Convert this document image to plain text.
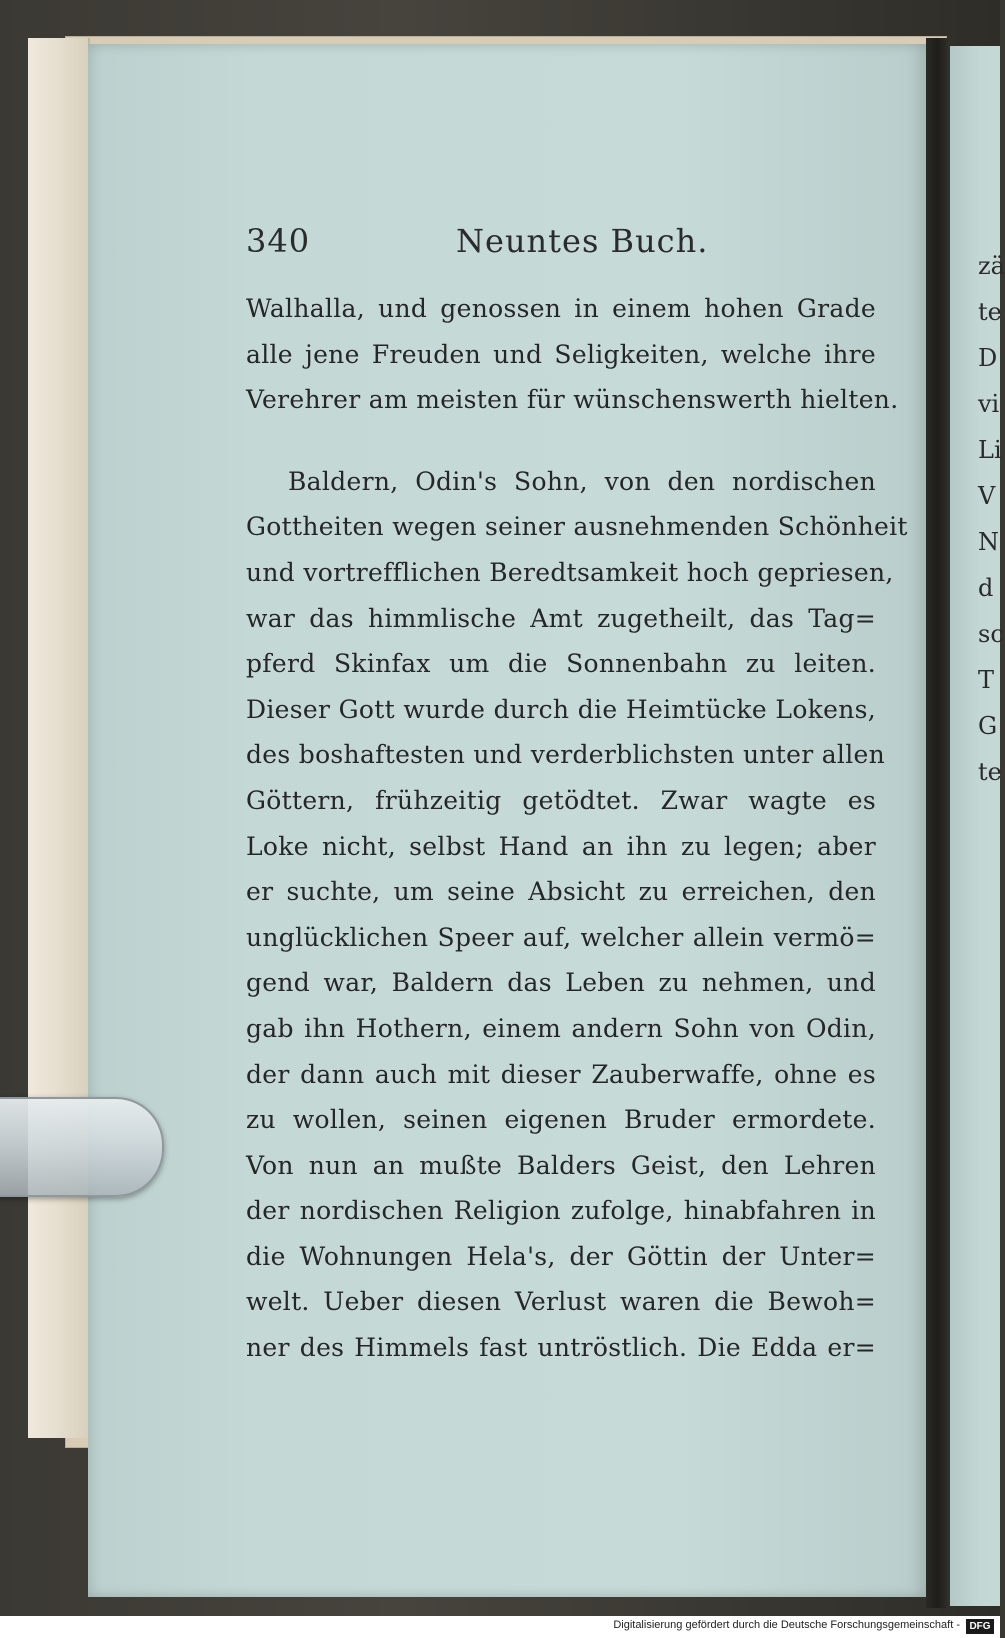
340	Neuntes Buch.
Walhalla, und genossen in einem hohen Grade
alle jene Freuden und Seligkeiten, welche ihre
Verehrer am meisten für wünschenswerth hielten.
Baldern, Odin's Sohn, von den nordischen
Gottheiten wegen seiner ausnehmenden Schönheit
und vortrefflichen Beredtsamkeit hoch gepriesen,
war das himmlische Amt zugetheilt, das Tag=
pferd Skinfax um die Sonnenbahn zu leiten.
Dieser Gott wurde durch die Heimtücke Lokens,
des boshaftesten und verderblichsten unter allen
Göttern, frühzeitig getödtet. Zwar wagte es
Loke nicht, selbst Hand an ihn zu legen; aber
er suchte, um seine Absicht zu erreichen, den
unglücklichen Speer auf, welcher allein vermö=
gend war, Baldern das Leben zu nehmen, und
gab ihn Hothern, einem andern Sohn von Odin,
der dann auch mit dieser Zauberwaffe, ohne es
zu wollen, seinen eigenen Bruder ermordete.
Von nun an mußte Balders Geist, den Lehren
der nordischen Religion zufolge, hinabfahren in
die Wohnungen Hela's, der Göttin der Unter=
welt. Ueber diesen Verlust waren die Bewoh=
ner des Himmels fast untröstlich. Die Edda er=
zä
te
D
vi
Li
V
N
d
sc
T
G
te
Digitalisierung gefördert durch die Deutsche Forschungsgemeinschaft - DFG
